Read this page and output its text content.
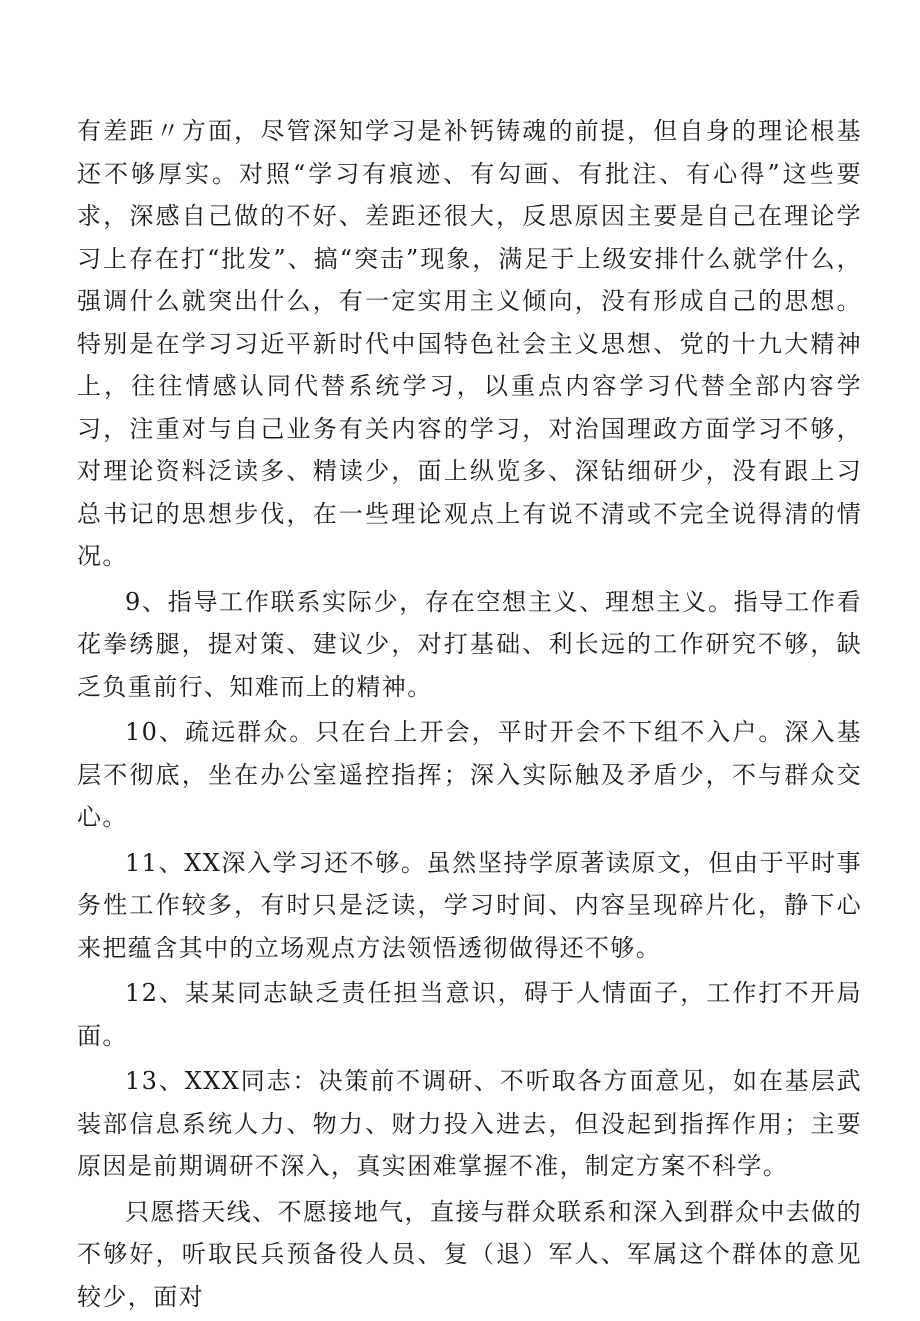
有差距〃方面，尽管深知学习是补钙铸魂的前提，但自身的理论根基还不够厚实。对照“学习有痕迹、有勾画、有批注、有心得”这些要求，深感自己做的不好、差距还很大，反思原因主要是自己在理论学习上存在打“批发”、搞“突击”现象，满足于上级安排什么就学什么，强调什么就突出什么，有一定实用主义倾向，没有形成自己的思想。特别是在学习习近平新时代中国特色社会主义思想、党的十九大精神上，往往情感认同代替系统学习，以重点内容学习代替全部内容学习，注重对与自己业务有关内容的学习，对治国理政方面学习不够，对理论资料泛读多、精读少，面上纵览多、深钻细研少，没有跟上习总书记的思想步伐，在一些理论观点上有说不清或不完全说得清的情况。

9、指导工作联系实际少，存在空想主义、理想主义。指导工作看花拳绣腿，提对策、建议少，对打基础、利长远的工作研究不够，缺乏负重前行、知难而上的精神。

10、疏远群众。只在台上开会，平时开会不下组不入户。深入基层不彻底，坐在办公室遥控指挥；深入实际触及矛盾少，不与群众交心。

11、XX深入学习还不够。虽然坚持学原著读原文，但由于平时事务性工作较多，有时只是泛读，学习时间、内容呈现碎片化，静下心来把蕴含其中的立场观点方法领悟透彻做得还不够。

12、某某同志缺乏责任担当意识，碍于人情面子，工作打不开局面。

13、XXX同志：决策前不调研、不听取各方面意见，如在基层武装部信息系统人力、物力、财力投入进去，但没起到指挥作用；主要原因是前期调研不深入，真实困难掌握不准，制定方案不科学。

只愿搭天线、不愿接地气，直接与群众联系和深入到群众中去做的不够好，听取民兵预备役人员、复（退）军人、军属这个群体的意见较少，面对
